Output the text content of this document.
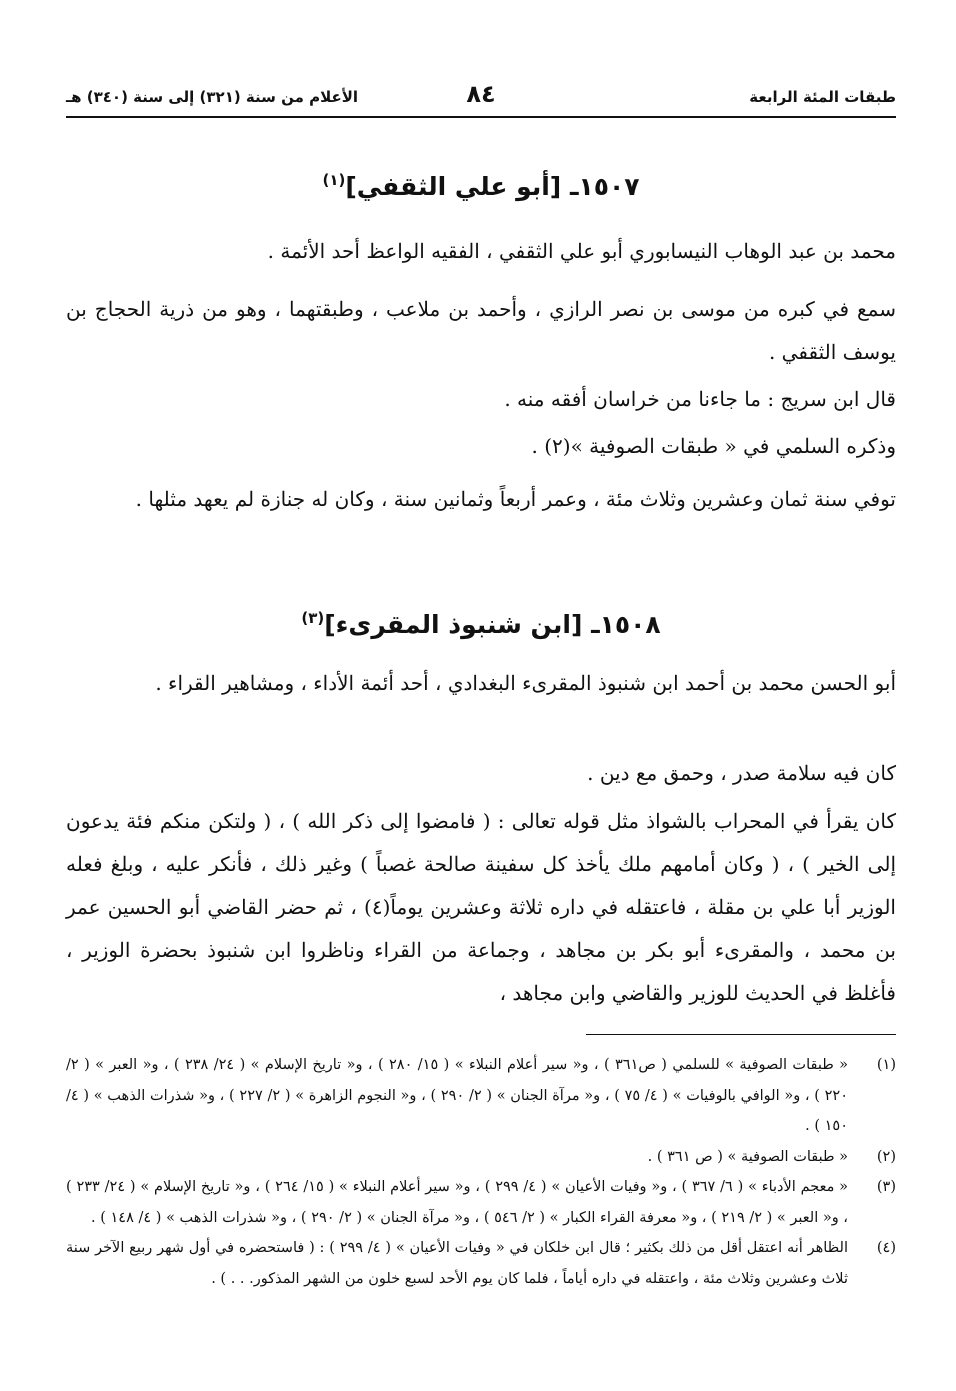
طبقات المئة الرابعة
٨٤
الأعلام من سنة (٣٢١) إلى سنة (٣٤٠) هـ
١٥٠٧ـ [أبو علي الثقفي]$^{(١)}$

محمد بن عبد الوهاب النيسابوري أبو علي الثقفي ، الفقيه الواعظ أحد الأئمة .

سمع في كبره من موسى بن نصر الرازي ، وأحمد بن ملاعب ، وطبقتهما ، وهو من ذرية الحجاج بن يوسف الثقفي .

قال ابن سريج : ما جاءنا من خراسان أفقه منه .

وذكره السلمي في « طبقات الصوفية »(٢) .

توفي سنة ثمان وعشرين وثلاث مئة ، وعمر أربعاً وثمانين سنة ، وكان له جنازة لم يعهد مثلها .

١٥٠٨ـ [ابن شنبوذ المقرىء]$^{(٣)}$

أبو الحسن محمد بن أحمد ابن شنبوذ المقرىء البغدادي ، أحد أئمة الأداء ، ومشاهير القراء .

كان فيه سلامة صدر ، وحمق مع دين .

كان يقرأ في المحراب بالشواذ مثل قوله تعالى : ( فامضوا إلى ذكر الله ) ، ( ولتكن منكم فئة يدعون إلى الخير ) ، ( وكان أمامهم ملك يأخذ كل سفينة صالحة غصباً ) وغير ذلك ، فأنكر عليه ، وبلغ فعله الوزير أبا علي بن مقلة ، فاعتقله في داره ثلاثة وعشرين يوماً(٤) ، ثم حضر القاضي أبو الحسين عمر بن محمد ، والمقرىء أبو بكر بن مجاهد ، وجماعة من القراء وناظروا ابن شنبوذ بحضرة الوزير ، فأغلظ في الحديث للوزير والقاضي وابن مجاهد ،

(١)
« طبقات الصوفية » للسلمي ( ص٣٦١ ) ، و« سير أعلام النبلاء » ( ١٥/ ٢٨٠ ) ، و« تاريخ الإسلام » ( ٢٤/ ٢٣٨ ) ، و« العبر » ( ٢/ ٢٢٠ ) ، و« الوافي بالوفيات » ( ٤/ ٧٥ ) ، و« مرآة الجنان » ( ٢/ ٢٩٠ ) ، و« النجوم الزاهرة » ( ٢/ ٢٢٧ ) ، و« شذرات الذهب » ( ٤/ ١٥٠ ) .
(٢)
« طبقات الصوفية » ( ص ٣٦١ ) .
(٣)
« معجم الأدباء » ( ٦/ ٣٦٧ ) ، و« وفيات الأعيان » ( ٤/ ٢٩٩ ) ، و« سير أعلام النبلاء » ( ١٥/ ٢٦٤ ) ، و« تاريخ الإسلام » ( ٢٤/ ٢٣٣ ) ، و« العبر » ( ٢/ ٢١٩ ) ، و« معرفة القراء الكبار » ( ٢/ ٥٤٦ ) ، و« مرآة الجنان » ( ٢/ ٢٩٠ ) ، و« شذرات الذهب » ( ٤/ ١٤٨ ) .
(٤)
الظاهر أنه اعتقل أقل من ذلك بكثير ؛ قال ابن خلكان في « وفيات الأعيان » ( ٤/ ٢٩٩ ) : ( فاستحضره في أول شهر ربيع الآخر سنة ثلاث وعشرين وثلاث مئة ، واعتقله في داره أياماً ، فلما كان يوم الأحد لسبع خلون من الشهر المذكور. . . ) .
